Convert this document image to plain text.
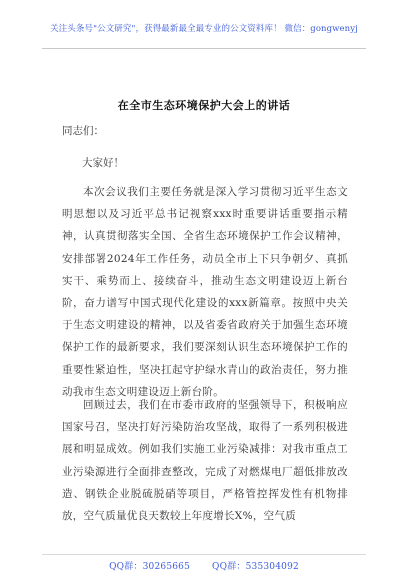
关注头条号"公文研究"，获得最新最全最专业的公文资料库！ 微信：gongwenyj
在全市生态环境保护大会上的讲话
同志们：
大家好！

本次会议我们主要任务就是深入学习贯彻习近平生态文明思想以及习近平总书记视察xxx时重要讲话重要指示精神，认真贯彻落实全国、全省生态环境保护工作会议精神，安排部署2024年工作任务，动员全市上下只争朝夕、真抓实干、乘势而上、接续奋斗，推动生态文明建设迈上新台阶，奋力谱写中国式现代化建设的xxx新篇章。按照中央关于生态文明建设的精神，以及省委省政府关于加强生态环境保护工作的最新要求，我们要深刻认识生态环境保护工作的重要性紧迫性，坚决扛起守护绿水青山的政治责任，努力推动我市生态文明建设迈上新台阶。

回顾过去，我们在市委市政府的坚强领导下，积极响应国家号召，坚决打好污染防治攻坚战，取得了一系列积极进展和明显成效。例如我们实施工业污染减排：对我市重点工业污染源进行全面排查整改，完成了对燃煤电厂超低排放改造、钢铁企业脱硫脱硝等项目，严格管控挥发性有机物排放，空气质量优良天数较上年度增长X%，空气质

QQ群：30265665 QQ群：535304092
